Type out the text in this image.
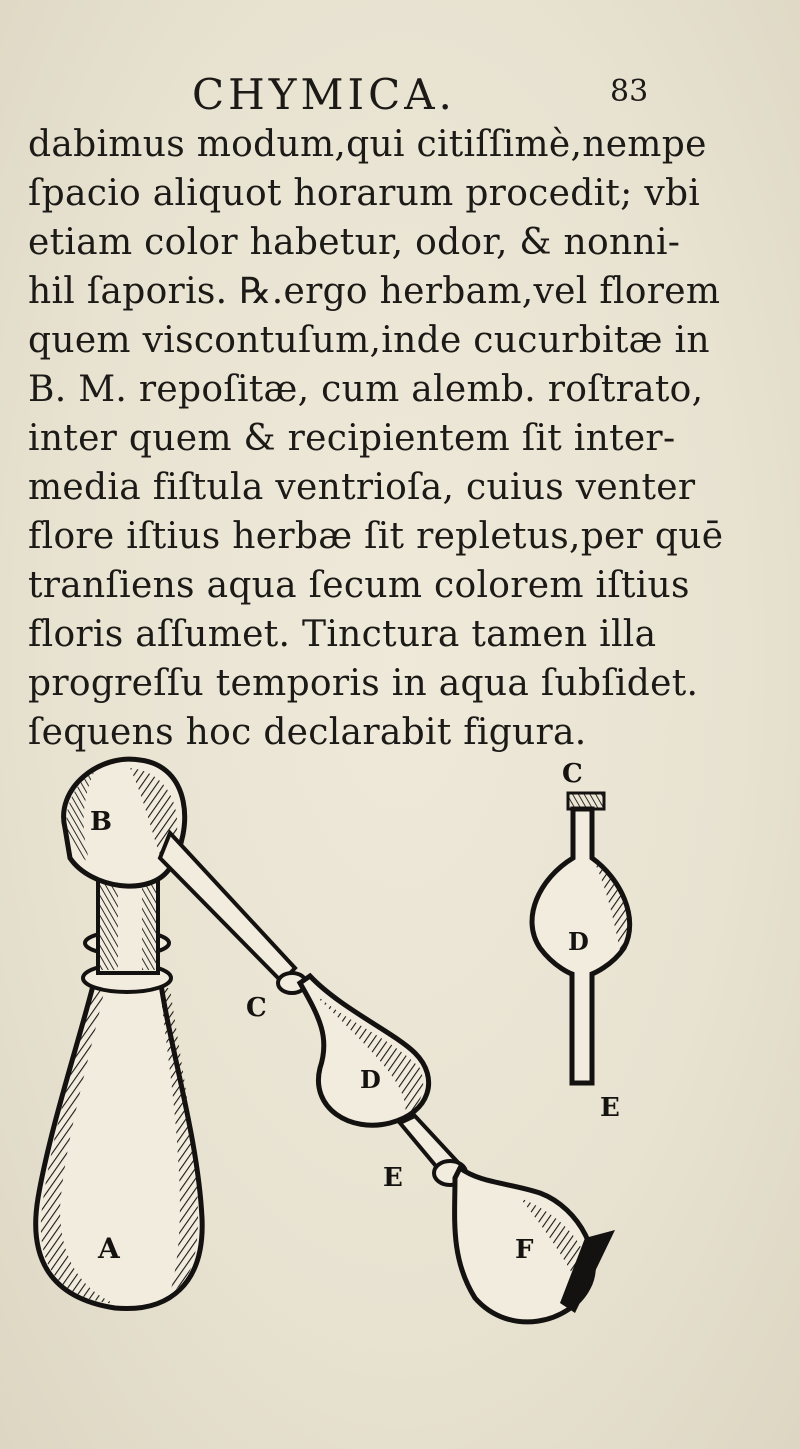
CHYMICA.	83
dabimus modum,qui citiſſimè,nempe
ſpacio aliquot horarum procedit; vbi
etiam color habetur, odor, & nonni-
hil ſaporis. ℞.ergo herbam,vel florem
quem viscontuſum,inde cucurbitæ in
B. M. repoſitæ, cum alemb. roſtrato,
inter quem & recipientem ſit inter-
media fiſtula ventrioſa, cuius venter
flore iſtius herbæ ſit repletus,per quē
tranſiens aqua ſecum colorem iſtius
floris aſſumet. Tinctura tamen illa
progreſſu temporis in aqua ſubſidet.
ſequens hoc declarabit figura.
A
B
C
D
E
F
C
D
E
